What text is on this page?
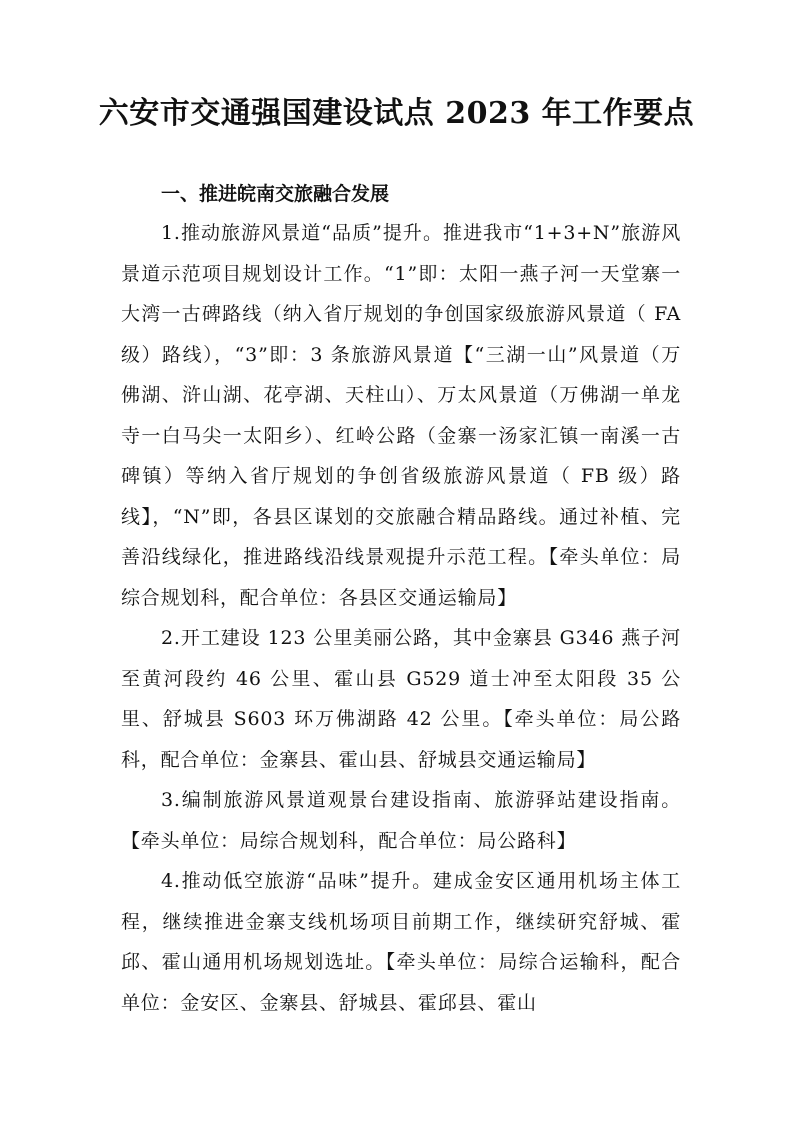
六安市交通强国建设试点 2023 年工作要点
一、推进皖南交旅融合发展

1.推动旅游风景道“品质”提升。推进我市“1+3+N”旅游风景道示范项目规划设计工作。“1”即：太阳一燕子河一天堂寨一大湾一古碑路线（纳入省厅规划的争创国家级旅游风景道（ FA 级）路线），“3”即：3 条旅游风景道【“三湖一山”风景道（万佛湖、浒山湖、花亭湖、天柱山）、万太风景道（万佛湖一单龙寺一白马尖一太阳乡）、红岭公路（金寨一汤家汇镇一南溪一古碑镇）等纳入省厅规划的争创省级旅游风景道（ FB 级）路线】，“N”即，各县区谋划的交旅融合精品路线。通过补植、完善沿线绿化，推进路线沿线景观提升示范工程。【牵头单位：局综合规划科，配合单位：各县区交通运输局】

2.开工建设 123 公里美丽公路，其中金寨县 G346 燕子河至黄河段约 46 公里、霍山县 G529 道士冲至太阳段 35 公里、舒城县 S603 环万佛湖路 42 公里。【牵头单位：局公路科，配合单位：金寨县、霍山县、舒城县交通运输局】

3.编制旅游风景道观景台建设指南、旅游驿站建设指南。【牵头单位：局综合规划科，配合单位：局公路科】

4.推动低空旅游“品味”提升。建成金安区通用机场主体工程，继续推进金寨支线机场项目前期工作，继续研究舒城、霍邱、霍山通用机场规划选址。【牵头单位：局综合运输科，配合单位：金安区、金寨县、舒城县、霍邱县、霍山
